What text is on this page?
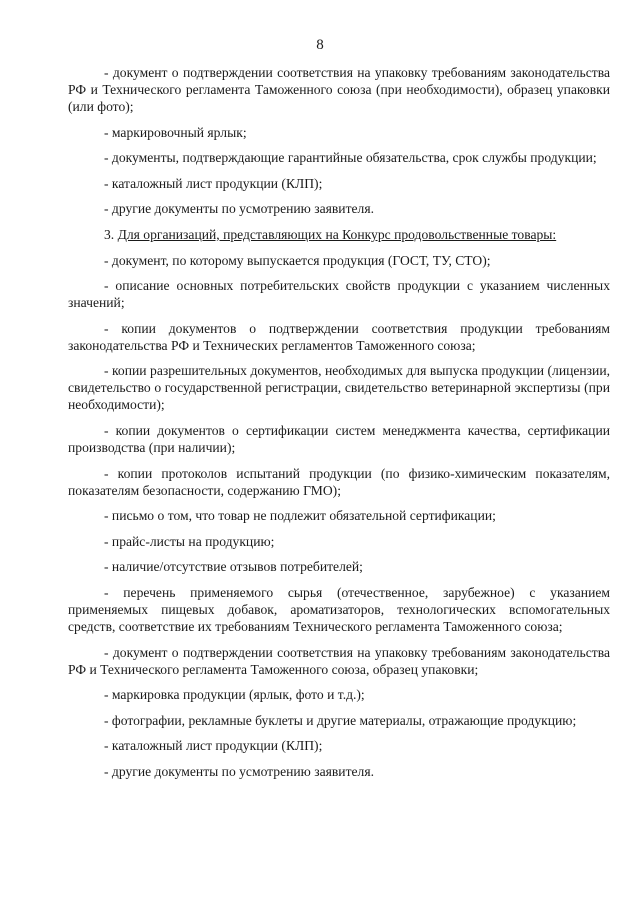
8

- документ о подтверждении соответствия на упаковку требованиям законодательства РФ и Технического регламента Таможенного союза (при необходимости), образец упаковки (или фото);

- маркировочный ярлык;

- документы, подтверждающие гарантийные обязательства, срок службы продукции;

- каталожный лист продукции (КЛП);

- другие документы по усмотрению заявителя.

3. Для организаций, представляющих на Конкурс продовольственные товары:

- документ, по которому выпускается продукция (ГОСТ, ТУ, СТО);

- описание основных потребительских свойств продукции с указанием численных значений;

- копии документов о подтверждении соответствия продукции требованиям законодательства РФ и Технических регламентов Таможенного союза;

- копии разрешительных документов, необходимых для выпуска продукции (лицензии, свидетельство о государственной регистрации, свидетельство ветеринарной экспертизы (при необходимости);

- копии документов о сертификации систем менеджмента качества, сертификации производства (при наличии);

- копии протоколов испытаний продукции (по физико-химическим показателям, показателям безопасности, содержанию ГМО);

- письмо о том, что товар не подлежит обязательной сертификации;

- прайс-листы на продукцию;

- наличие/отсутствие отзывов потребителей;

- перечень применяемого сырья (отечественное, зарубежное) с указанием применяемых пищевых добавок, ароматизаторов, технологических вспомогательных средств, соответствие их требованиям Технического регламента Таможенного союза;

- документ о подтверждении соответствия на упаковку требованиям законодательства РФ и Технического регламента Таможенного союза, образец упаковки;

- маркировка продукции (ярлык, фото и т.д.);

- фотографии, рекламные буклеты и другие материалы, отражающие продукцию;

- каталожный лист продукции (КЛП);

- другие документы по усмотрению заявителя.
